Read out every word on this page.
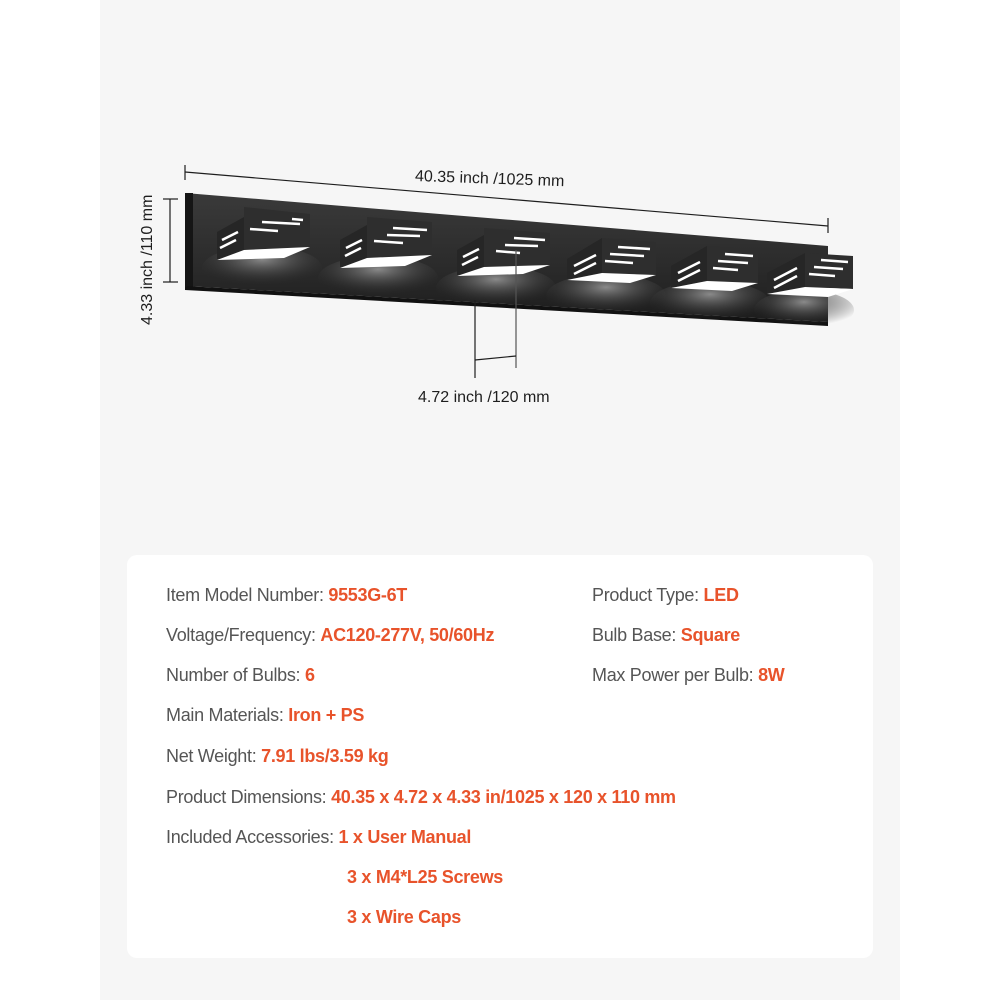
40.35 inch /1025 mm
4.33 inch /110 mm
4.72 inch /120 mm
Item Model Number: 9553G-6T
Voltage/Frequency: AC120-277V, 50/60Hz
Number of Bulbs: 6
Main Materials: Iron + PS
Net Weight: 7.91 lbs/3.59 kg
Product Dimensions: 40.35 x 4.72 x 4.33 in/1025 x 120 x 110 mm
Included Accessories: 1 x User Manual
3 x M4*L25 Screws
3 x Wire Caps
Product Type: LED
Bulb Base: Square
Max Power per Bulb: 8W
